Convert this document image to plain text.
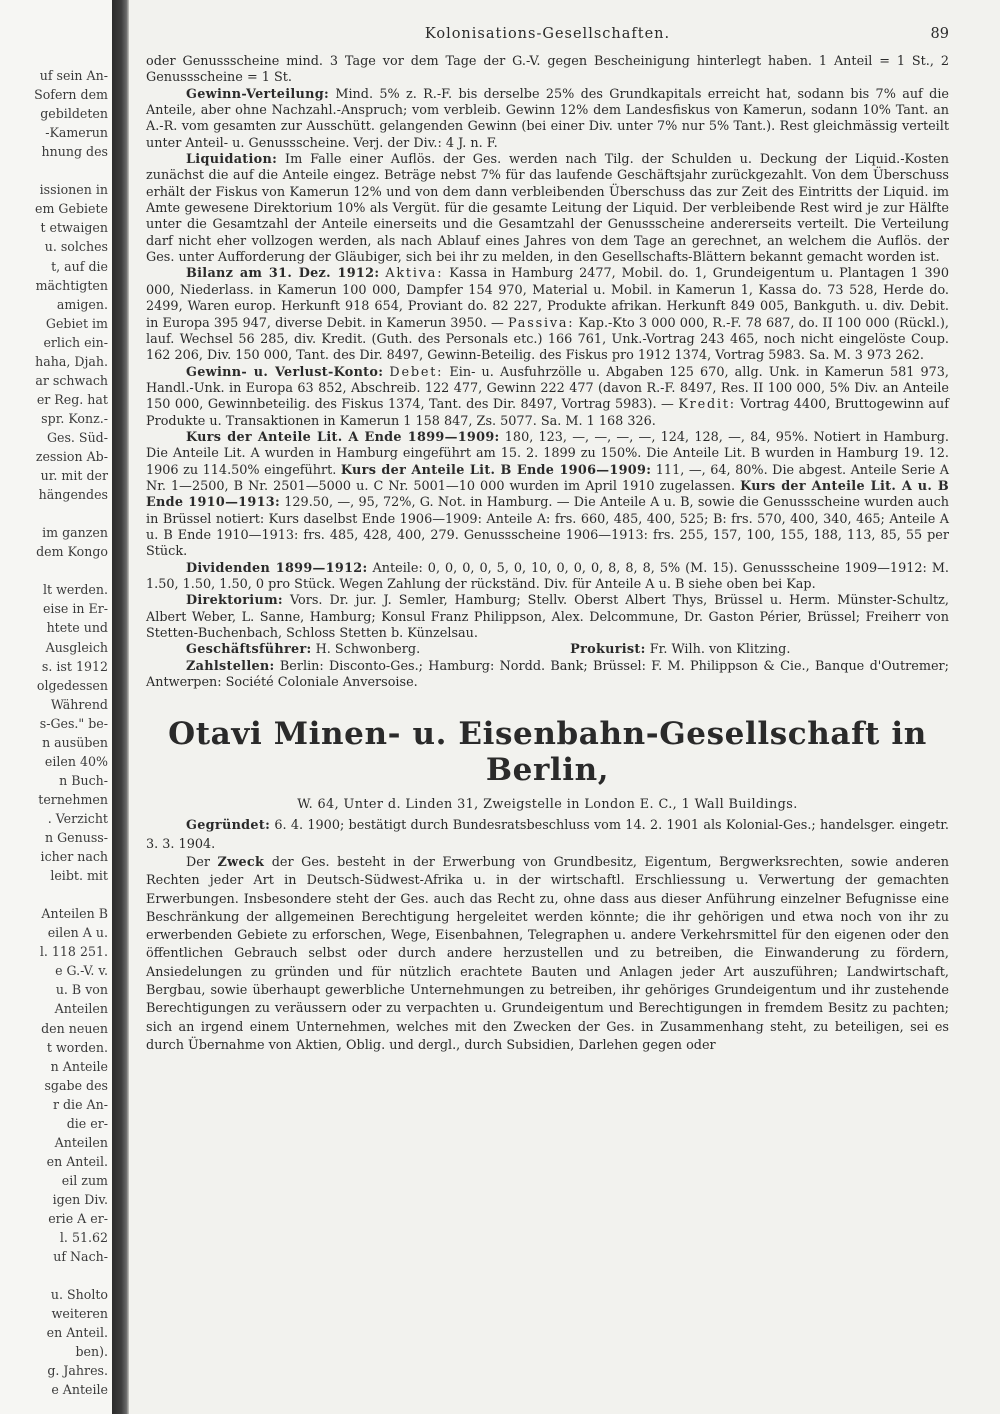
uf sein An-
Sofern dem
gebildeten
-Kamerun
hnung des
issionen in
em Gebiete
t etwaigen
u. solches
t, auf die
mächtigten
amigen.
Gebiet im
erlich ein-
haha, Djah.
ar schwach
er Reg. hat
spr. Konz.-
Ges. Süd-
zession Ab-
ur. mit der
hängendes
im ganzen
dem Kongo
lt werden.
eise in Er-
htete und
Ausgleich
s. ist 1912
olgedessen
Während
s-Ges." be-
n ausüben
eilen 40%
n Buch-
ternehmen
. Verzicht
n Genuss-
icher nach
leibt. mit
Anteilen B
eilen A u.
l. 118 251.
e G.-V. v.
u. B von
Anteilen
den neuen
t worden.
n Anteile
sgabe des
r die An-
die er-
Anteilen
en Anteil.
eil zum
igen Div.
erie A er-
l. 51.62
uf Nach-
u. Sholto
weiteren
en Anteil.
ben).
g. Jahres.
e Anteile
Kolonisations-Gesellschaften.	89

oder Genussscheine mind. 3 Tage vor dem Tage der G.-V. gegen Bescheinigung hinterlegt haben. 1 Anteil = 1 St., 2 Genussscheine = 1 St.

Gewinn-Verteilung: Mind. 5% z. R.-F. bis derselbe 25% des Grundkapitals erreicht hat, sodann bis 7% auf die Anteile, aber ohne Nachzahl.-Anspruch; vom verbleib. Gewinn 12% dem Landesfiskus von Kamerun, sodann 10% Tant. an A.-R. vom gesamten zur Ausschütt. gelangenden Gewinn (bei einer Div. unter 7% nur 5% Tant.). Rest gleichmässig verteilt unter Anteil- u. Genussscheine. Verj. der Div.: 4 J. n. F.

Liquidation: Im Falle einer Auflös. der Ges. werden nach Tilg. der Schulden u. Deckung der Liquid.-Kosten zunächst die auf die Anteile eingez. Beträge nebst 7% für das laufende Geschäftsjahr zurückgezahlt. Von dem Überschuss erhält der Fiskus von Kamerun 12% und von dem dann verbleibenden Überschuss das zur Zeit des Eintritts der Liquid. im Amte gewesene Direktorium 10% als Vergüt. für die gesamte Leitung der Liquid. Der verbleibende Rest wird je zur Hälfte unter die Gesamtzahl der Anteile einerseits und die Gesamtzahl der Genussscheine andererseits verteilt. Die Verteilung darf nicht eher vollzogen werden, als nach Ablauf eines Jahres von dem Tage an gerechnet, an welchem die Auflös. der Ges. unter Aufforderung der Gläubiger, sich bei ihr zu melden, in den Gesellschafts-Blättern bekannt gemacht worden ist.

Bilanz am 31. Dez. 1912: Aktiva: Kassa in Hamburg 2477, Mobil. do. 1, Grundeigentum u. Plantagen 1 390 000, Niederlass. in Kamerun 100 000, Dampfer 154 970, Material u. Mobil. in Kamerun 1, Kassa do. 73 528, Herde do. 2499, Waren europ. Herkunft 918 654, Proviant do. 82 227, Produkte afrikan. Herkunft 849 005, Bankguth. u. div. Debit. in Europa 395 947, diverse Debit. in Kamerun 3950. — Passiva: Kap.-Kto 3 000 000, R.-F. 78 687, do. II 100 000 (Rückl.), lauf. Wechsel 56 285, div. Kredit. (Guth. des Personals etc.) 166 761, Unk.-Vortrag 243 465, noch nicht eingelöste Coup. 162 206, Div. 150 000, Tant. des Dir. 8497, Gewinn-Beteilig. des Fiskus pro 1912 1374, Vortrag 5983. Sa. M. 3 973 262.

Gewinn- u. Verlust-Konto: Debet: Ein- u. Ausfuhrzölle u. Abgaben 125 670, allg. Unk. in Kamerun 581 973, Handl.-Unk. in Europa 63 852, Abschreib. 122 477, Gewinn 222 477 (davon R.-F. 8497, Res. II 100 000, 5% Div. an Anteile 150 000, Gewinnbeteilig. des Fiskus 1374, Tant. des Dir. 8497, Vortrag 5983). — Kredit: Vortrag 4400, Bruttogewinn auf Produkte u. Transaktionen in Kamerun 1 158 847, Zs. 5077. Sa. M. 1 168 326.

Kurs der Anteile Lit. A Ende 1899—1909: 180, 123, —, —, —, —, 124, 128, —, 84, 95%. Notiert in Hamburg. Die Anteile Lit. A wurden in Hamburg eingeführt am 15. 2. 1899 zu 150%. Die Anteile Lit. B wurden in Hamburg 19. 12. 1906 zu 114.50% eingeführt. Kurs der Anteile Lit. B Ende 1906—1909: 111, —, 64, 80%. Die abgest. Anteile Serie A Nr. 1—2500, B Nr. 2501—5000 u. C Nr. 5001—10 000 wurden im April 1910 zugelassen. Kurs der Anteile Lit. A u. B Ende 1910—1913: 129.50, —, 95, 72%, G. Not. in Hamburg. — Die Anteile A u. B, sowie die Genussscheine wurden auch in Brüssel notiert: Kurs daselbst Ende 1906—1909: Anteile A: frs. 660, 485, 400, 525; B: frs. 570, 400, 340, 465; Anteile A u. B Ende 1910—1913: frs. 485, 428, 400, 279. Genussscheine 1906—1913: frs. 255, 157, 100, 155, 188, 113, 85, 55 per Stück.

Dividenden 1899—1912: Anteile: 0, 0, 0, 0, 5, 0, 10, 0, 0, 0, 8, 8, 8, 5% (M. 15). Genussscheine 1909—1912: M. 1.50, 1.50, 1.50, 0 pro Stück. Wegen Zahlung der rückständ. Div. für Anteile A u. B siehe oben bei Kap.

Direktorium: Vors. Dr. jur. J. Semler, Hamburg; Stellv. Oberst Albert Thys, Brüssel u. Herm. Münster-Schultz, Albert Weber, L. Sanne, Hamburg; Konsul Franz Philippson, Alex. Delcommune, Dr. Gaston Périer, Brüssel; Freiherr von Stetten-Buchenbach, Schloss Stetten b. Künzelsau.

Geschäftsführer: H. Schwonberg.	Prokurist: Fr. Wilh. von Klitzing.

Zahlstellen: Berlin: Disconto-Ges.; Hamburg: Nordd. Bank; Brüssel: F. M. Philippson & Cie., Banque d'Outremer; Antwerpen: Société Coloniale Anversoise.

Otavi Minen- u. Eisenbahn-Gesellschaft in Berlin,
W. 64, Unter d. Linden 31, Zweigstelle in London E. C., 1 Wall Buildings.

Gegründet: 6. 4. 1900; bestätigt durch Bundesratsbeschluss vom 14. 2. 1901 als Kolonial-Ges.; handelsger. eingetr. 3. 3. 1904.

Der Zweck der Ges. besteht in der Erwerbung von Grundbesitz, Eigentum, Bergwerksrechten, sowie anderen Rechten jeder Art in Deutsch-Südwest-Afrika u. in der wirtschaftl. Erschliessung u. Verwertung der gemachten Erwerbungen. Insbesondere steht der Ges. auch das Recht zu, ohne dass aus dieser Anführung einzelner Befugnisse eine Beschränkung der allgemeinen Berechtigung hergeleitet werden könnte; die ihr gehörigen und etwa noch von ihr zu erwerbenden Gebiete zu erforschen, Wege, Eisenbahnen, Telegraphen u. andere Verkehrsmittel für den eigenen oder den öffentlichen Gebrauch selbst oder durch andere herzustellen und zu betreiben, die Einwanderung zu fördern, Ansiedelungen zu gründen und für nützlich erachtete Bauten und Anlagen jeder Art auszuführen; Landwirtschaft, Bergbau, sowie überhaupt gewerbliche Unternehmungen zu betreiben, ihr gehöriges Grundeigentum und ihr zustehende Berechtigungen zu veräussern oder zu verpachten u. Grundeigentum und Berechtigungen in fremdem Besitz zu pachten; sich an irgend einem Unternehmen, welches mit den Zwecken der Ges. in Zusammenhang steht, zu beteiligen, sei es durch Übernahme von Aktien, Oblig. und dergl., durch Subsidien, Darlehen gegen oder
